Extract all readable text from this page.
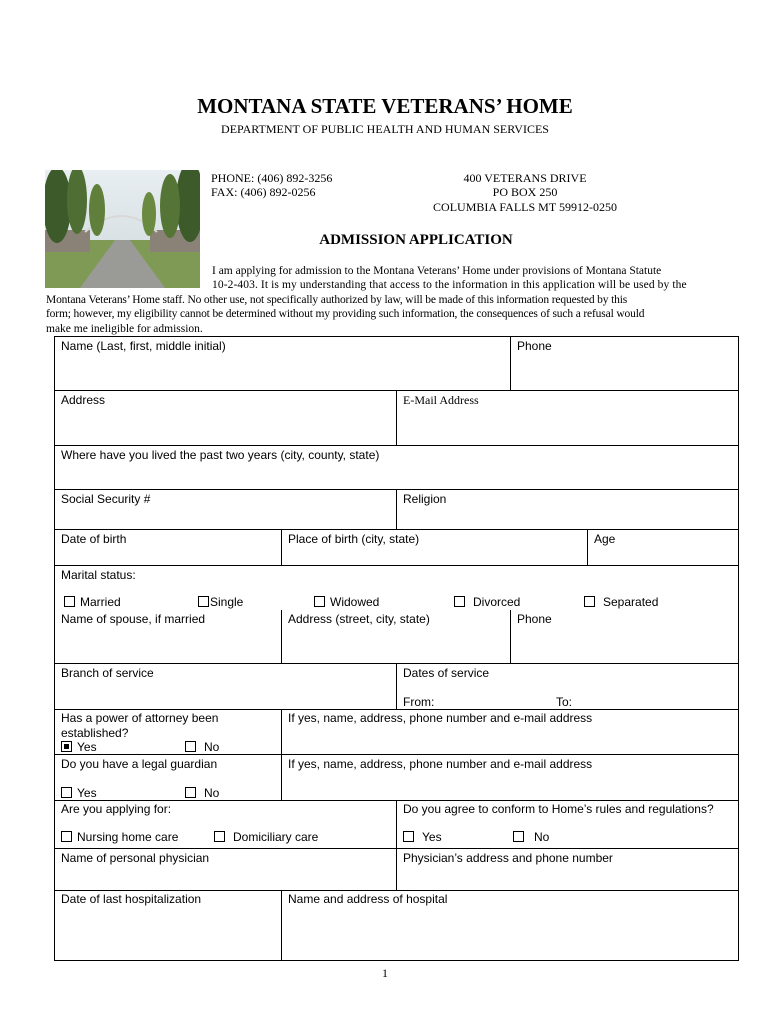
MONTANA STATE VETERANS’ HOME
DEPARTMENT OF PUBLIC HEALTH AND HUMAN SERVICES
PHONE: (406) 892-3256
FAX: (406) 892-0256
400 VETERANS DRIVE
PO BOX 250
COLUMBIA FALLS MT 59912-0250
ADMISSION APPLICATION
I am applying for admission to the Montana Veterans’ Home under provisions of Montana Statute
10-2-403. It is my understanding that access to the information in this application will be used by the
Montana Veterans’ Home staff. No other use, not specifically authorized by law, will be made of this information requested by this
form; however, my eligibility cannot be determined without my providing such information, the consequences of such a refusal would
make me ineligible for admission.
Name (Last, first, middle initial)	Phone
Address	E-Mail Address
Where have you lived the past two years (city, county, state)
Social Security #	Religion
Date of birth	Place of birth (city, state)	Age
Marital status:
Married	Single	Widowed	Divorced	Separated
Name of spouse, if married	Address (street, city, state)	Phone
Branch of service	Dates of service
From:	To:
Has a power of attorney been established?
Yes	No
If yes, name, address, phone number and e-mail address
Do you have a legal guardian
Yes	No
If yes, name, address, phone number and e-mail address
Are you applying for:
Nursing home care	Domiciliary care
Do you agree to conform to Home’s rules and regulations?
Yes	No
Name of personal physician	Physician’s address and phone number
Date of last hospitalization	Name and address of hospital
1
